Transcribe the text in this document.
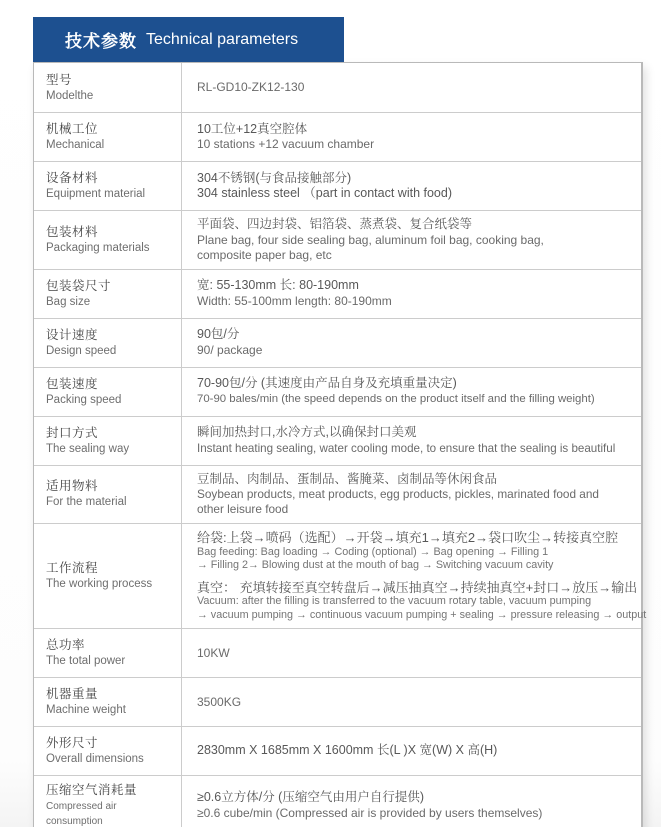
技术参数 Technical parameters
型号
Modelthe
RL-GD10-ZK12-130
机械工位
Mechanical
10工位+12真空腔体
10 stations +12 vacuum chamber
设备材料
Equipment material
304不锈钢(与食品接触部分)
304 stainless steel （part in contact with food)
包装材料
Packaging materials
平面袋、四边封袋、铝箔袋、蒸煮袋、复合纸袋等
Plane bag, four side sealing bag, aluminum foil bag, cooking bag,
composite paper bag, etc
包装袋尺寸
Bag size
宽: 55-130mm 长: 80-190mm
Width: 55-100mm length: 80-190mm
设计速度
Design speed
90包/分
90/ package
包装速度
Packing speed
70-90包/分 (其速度由产品自身及充填重量决定)
70-90 bales/min (the speed depends on the product itself and the filling weight)
封口方式
The sealing way
瞬间加热封口,水冷方式,以确保封口美观
Instant heating sealing, water cooling mode, to ensure that the sealing is beautiful
适用物料
For the material
豆制品、肉制品、蛋制品、酱腌菜、卤制品等休闲食品
Soybean products, meat products, egg products, pickles, marinated food and
other leisure food
工作流程
The working process
给袋:上袋→喷码（选配）→开袋→填充1→填充2→袋口吹尘→转接真空腔
Bag feeding: Bag loading → Coding (optional) → Bag opening → Filling 1
→ Filling 2→ Blowing dust at the mouth of bag → Switching vacuum cavity
真空： 充填转接至真空转盘后→减压抽真空→持续抽真空+封口→放压→输出
Vacuum: after the filling is transferred to the vacuum rotary table, vacuum pumping
→ vacuum pumping → continuous vacuum pumping + sealing → pressure releasing → output
总功率
The total power
10KW
机器重量
Machine weight
3500KG
外形尺寸
Overall dimensions
2830mm X 1685mm X 1600mm 长(L )X 宽(W) X 高(H)
压缩空气消耗量
Compressed air consumption
≥0.6立方体/分 (压缩空气由用户自行提供)
≥0.6 cube/min (Compressed air is provided by users themselves)
